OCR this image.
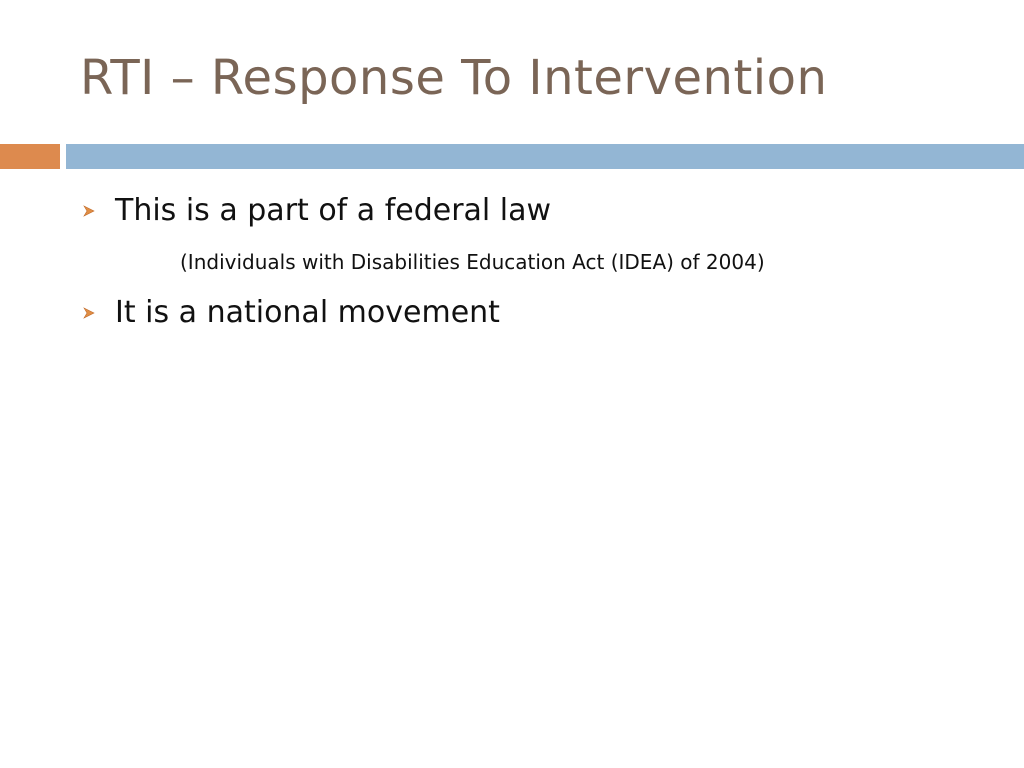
RTI – Response To Intervention
This is a part of a federal law
(Individuals with Disabilities Education Act (IDEA) of 2004)
It is a national movement
